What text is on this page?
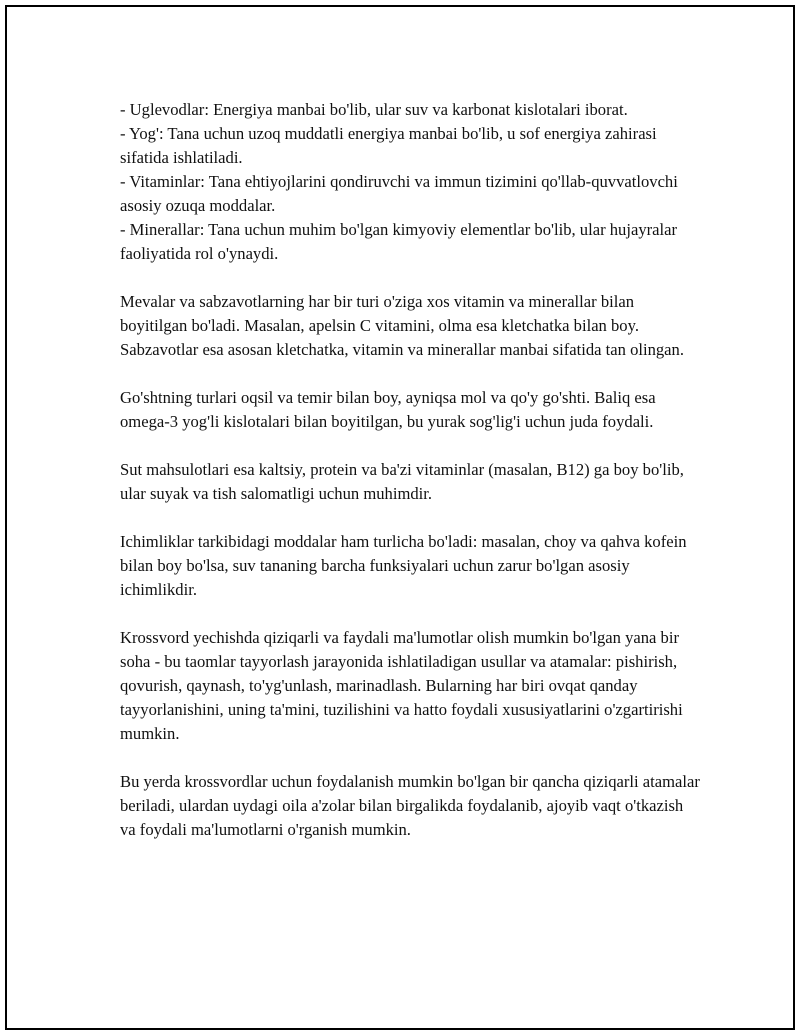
- Uglevodlar: Energiya manbai bo'lib, ular suv va karbonat kislotalari iborat.
- Yog': Tana uchun uzoq muddatli energiya manbai bo'lib, u sof energiya zahirasi sifatida ishlatiladi.
- Vitaminlar: Tana ehtiyojlarini qondiruvchi va immun tizimini qo'llab-quvvatlovchi asosiy ozuqa moddalar.
- Minerallar: Tana uchun muhim bo'lgan kimyoviy elementlar bo'lib, ular hujayralar faoliyatida rol o'ynaydi.

Mevalar va sabzavotlarning har bir turi o'ziga xos vitamin va minerallar bilan boyitilgan bo'ladi. Masalan, apelsin C vitamini, olma esa kletchatka bilan boy. Sabzavotlar esa asosan kletchatka, vitamin va minerallar manbai sifatida tan olingan.

Go'shtning turlari oqsil va temir bilan boy, ayniqsa mol va qo'y go'shti. Baliq esa omega-3 yog'li kislotalari bilan boyitilgan, bu yurak sog'lig'i uchun juda foydali.

Sut mahsulotlari esa kaltsiy, protein va ba'zi vitaminlar (masalan, B12) ga boy bo'lib, ular suyak va tish salomatligi uchun muhimdir.

Ichimliklar tarkibidagi moddalar ham turlicha bo'ladi: masalan, choy va qahva kofein bilan boy bo'lsa, suv tananing barcha funksiyalari uchun zarur bo'lgan asosiy ichimlikdir.

Krossvord yechishda qiziqarli va faydali ma'lumotlar olish mumkin bo'lgan yana bir soha - bu taomlar tayyorlash jarayonida ishlatiladigan usullar va atamalar: pishirish, qovurish, qaynash, to'yg'unlash, marinadlash. Bularning har biri ovqat qanday tayyorlanishini, uning ta'mini, tuzilishini va hatto foydali xususiyatlarini o'zgartirishi mumkin.

Bu yerda krossvordlar uchun foydalanish mumkin bo'lgan bir qancha qiziqarli atamalar beriladi, ulardan uydagi oila a'zolar bilan birgalikda foydalanib, ajoyib vaqt o'tkazish va foydali ma'lumotlarni o'rganish mumkin.
